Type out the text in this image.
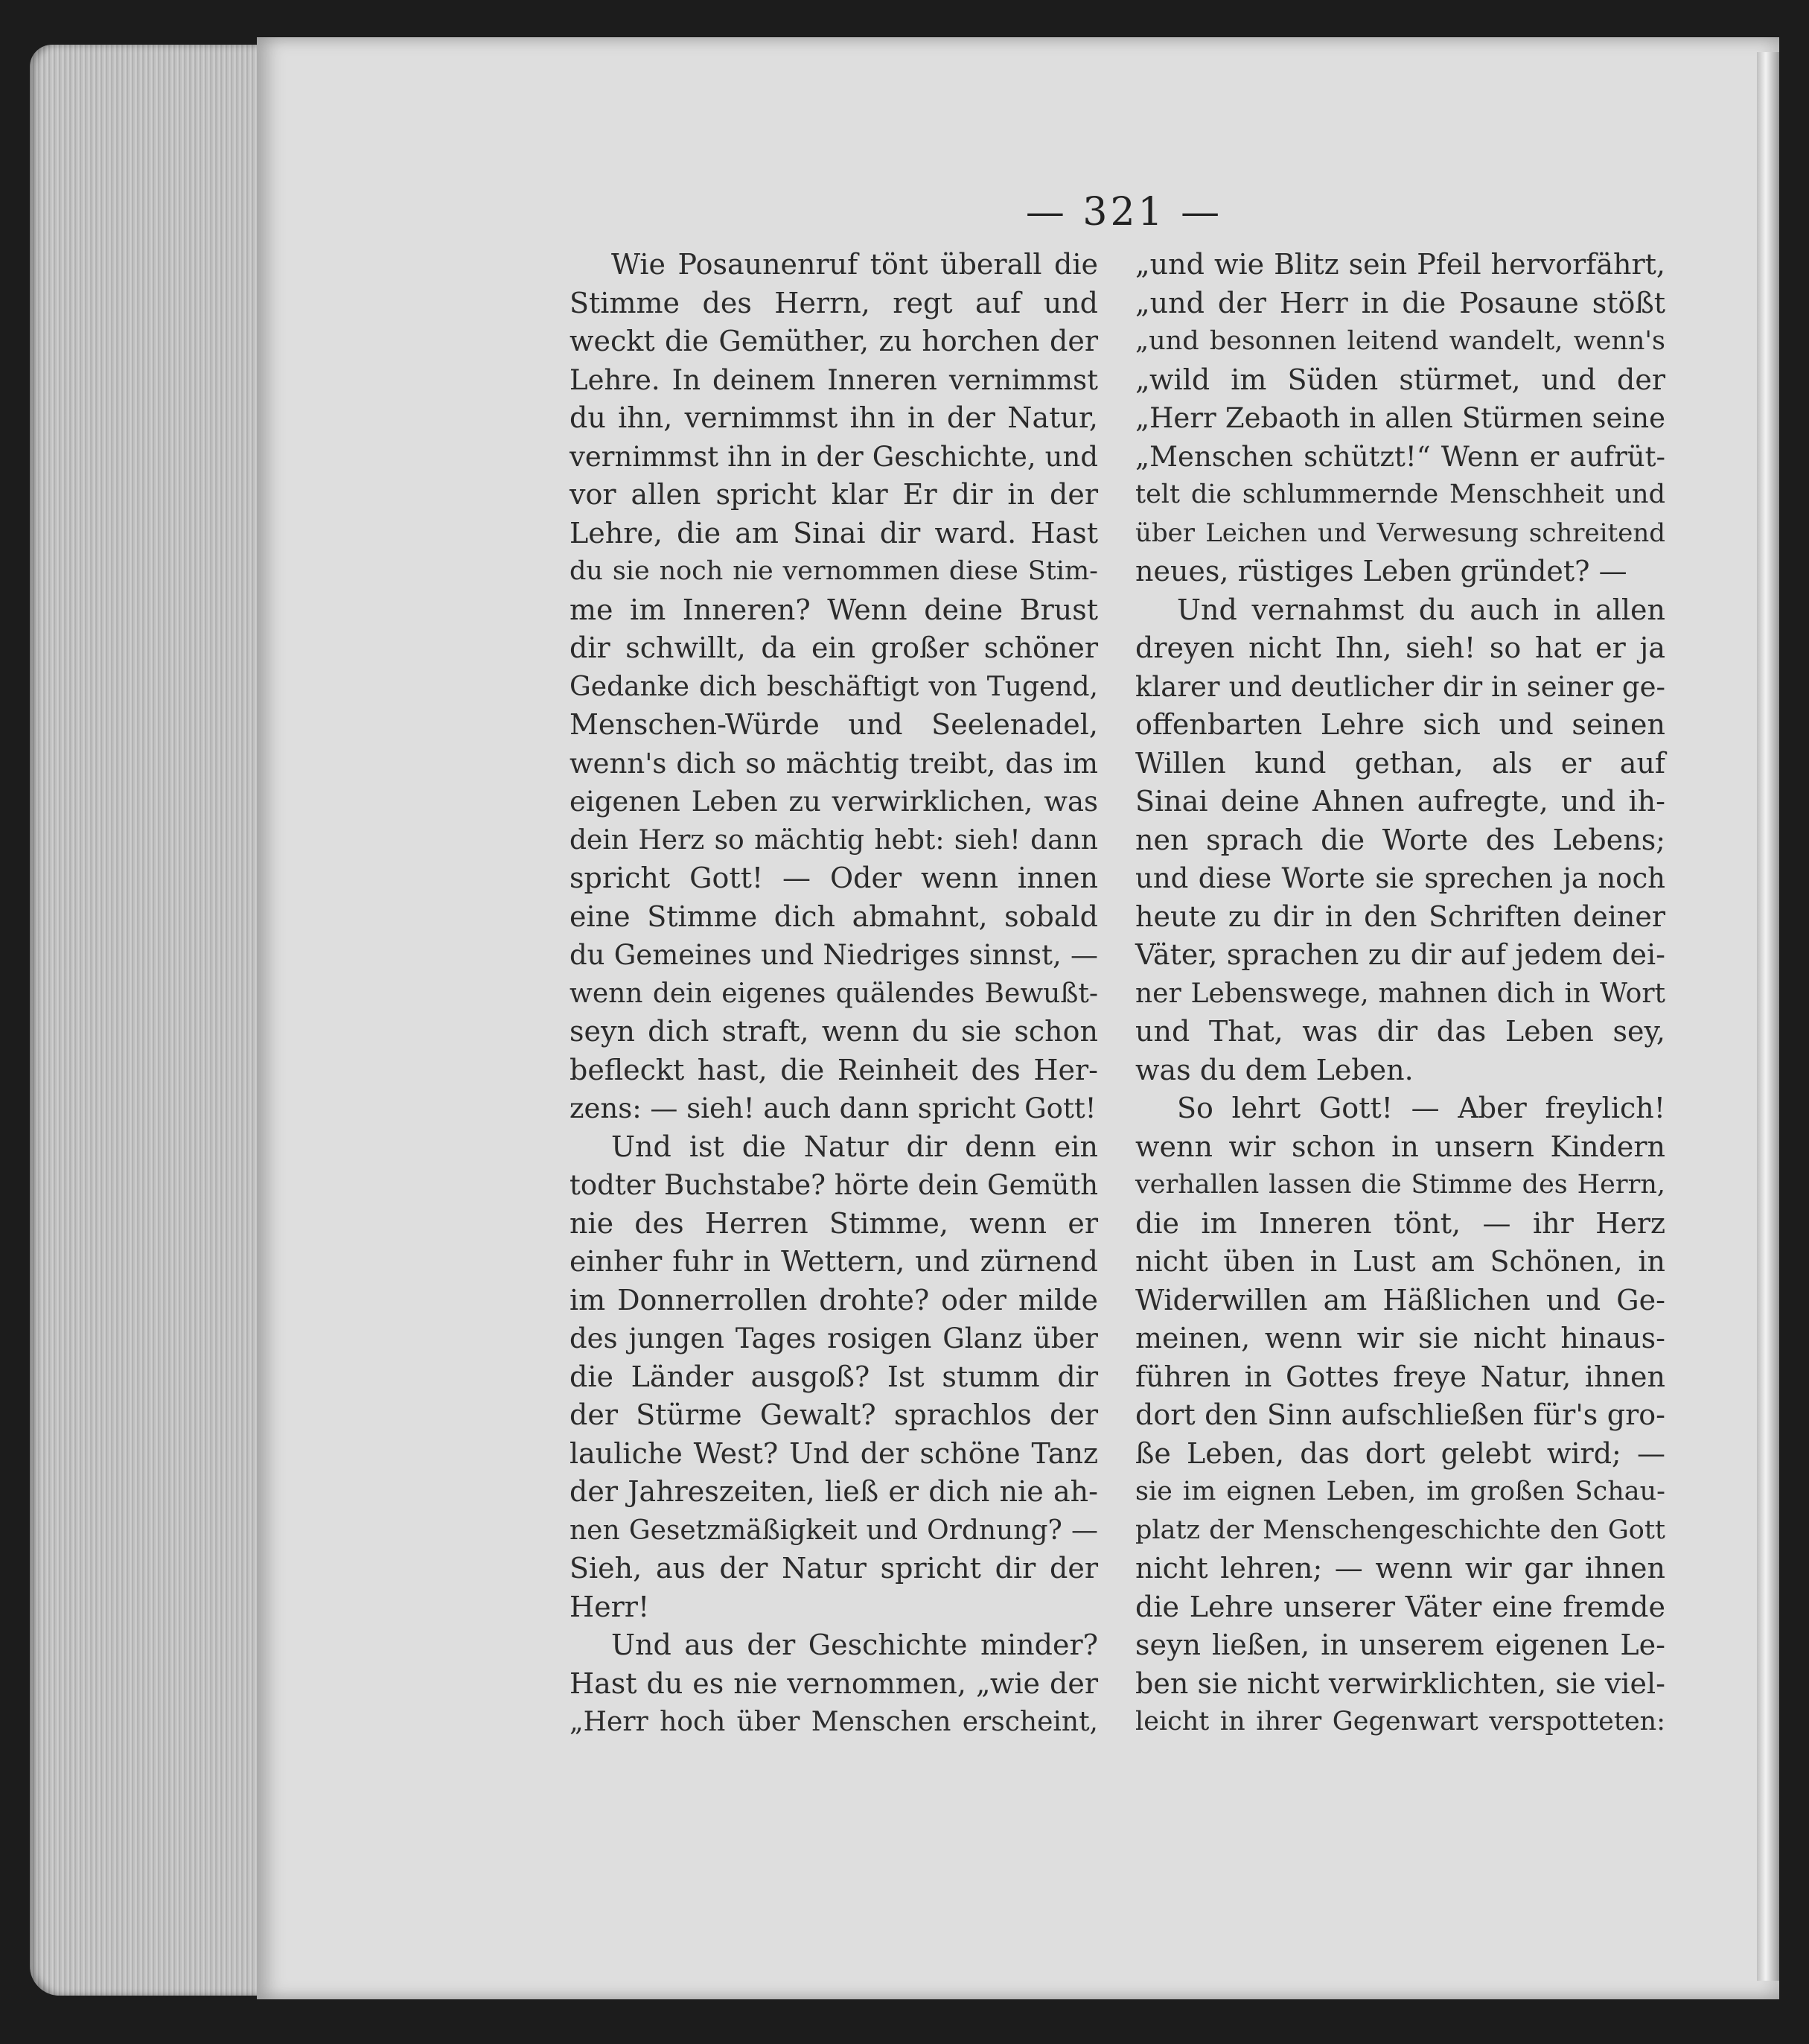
— 321 —
Wie Posaunenruf tönt überall die
Stimme des Herrn, regt auf und
weckt die Gemüther, zu horchen der
Lehre. In deinem Inneren vernimmst
du ihn, vernimmst ihn in der Natur,
vernimmst ihn in der Geschichte, und
vor allen spricht klar Er dir in der
Lehre, die am Sinai dir ward. Hast
du sie noch nie vernommen diese Stim-
me im Inneren? Wenn deine Brust
dir schwillt, da ein großer schöner
Gedanke dich beschäftigt von Tugend,
Menschen-Würde und Seelenadel,
wenn's dich so mächtig treibt, das im
eigenen Leben zu verwirklichen, was
dein Herz so mächtig hebt: sieh! dann
spricht Gott! — Oder wenn innen
eine Stimme dich abmahnt, sobald
du Gemeines und Niedriges sinnst, —
wenn dein eigenes quälendes Bewußt-
seyn dich straft, wenn du sie schon
befleckt hast, die Reinheit des Her-
zens: — sieh! auch dann spricht Gott!
Und ist die Natur dir denn ein
todter Buchstabe? hörte dein Gemüth
nie des Herren Stimme, wenn er
einher fuhr in Wettern, und zürnend
im Donnerrollen drohte? oder milde
des jungen Tages rosigen Glanz über
die Länder ausgoß? Ist stumm dir
der Stürme Gewalt? sprachlos der
lauliche West? Und der schöne Tanz
der Jahreszeiten, ließ er dich nie ah-
nen Gesetzmäßigkeit und Ordnung? —
Sieh, aus der Natur spricht dir der
Herr!
Und aus der Geschichte minder?
Hast du es nie vernommen, „wie der
„Herr hoch über Menschen erscheint,
„und wie Blitz sein Pfeil hervorfährt,
„und der Herr in die Posaune stößt
„und besonnen leitend wandelt, wenn's
„wild im Süden stürmet, und der
„Herr Zebaoth in allen Stürmen seine
„Menschen schützt!“ Wenn er aufrüt-
telt die schlummernde Menschheit und
über Leichen und Verwesung schreitend
neues, rüstiges Leben gründet? —
Und vernahmst du auch in allen
dreyen nicht Ihn, sieh! so hat er ja
klarer und deutlicher dir in seiner ge-
offenbarten Lehre sich und seinen
Willen kund gethan, als er auf
Sinai deine Ahnen aufregte, und ih-
nen sprach die Worte des Lebens;
und diese Worte sie sprechen ja noch
heute zu dir in den Schriften deiner
Väter, sprachen zu dir auf jedem dei-
ner Lebenswege, mahnen dich in Wort
und That, was dir das Leben sey,
was du dem Leben.
So lehrt Gott! — Aber freylich!
wenn wir schon in unsern Kindern
verhallen lassen die Stimme des Herrn,
die im Inneren tönt, — ihr Herz
nicht üben in Lust am Schönen, in
Widerwillen am Häßlichen und Ge-
meinen, wenn wir sie nicht hinaus-
führen in Gottes freye Natur, ihnen
dort den Sinn aufschließen für's gro-
ße Leben, das dort gelebt wird; —
sie im eignen Leben, im großen Schau-
platz der Menschengeschichte den Gott
nicht lehren; — wenn wir gar ihnen
die Lehre unserer Väter eine fremde
seyn ließen, in unserem eigenen Le-
ben sie nicht verwirklichten, sie viel-
leicht in ihrer Gegenwart verspotteten:
